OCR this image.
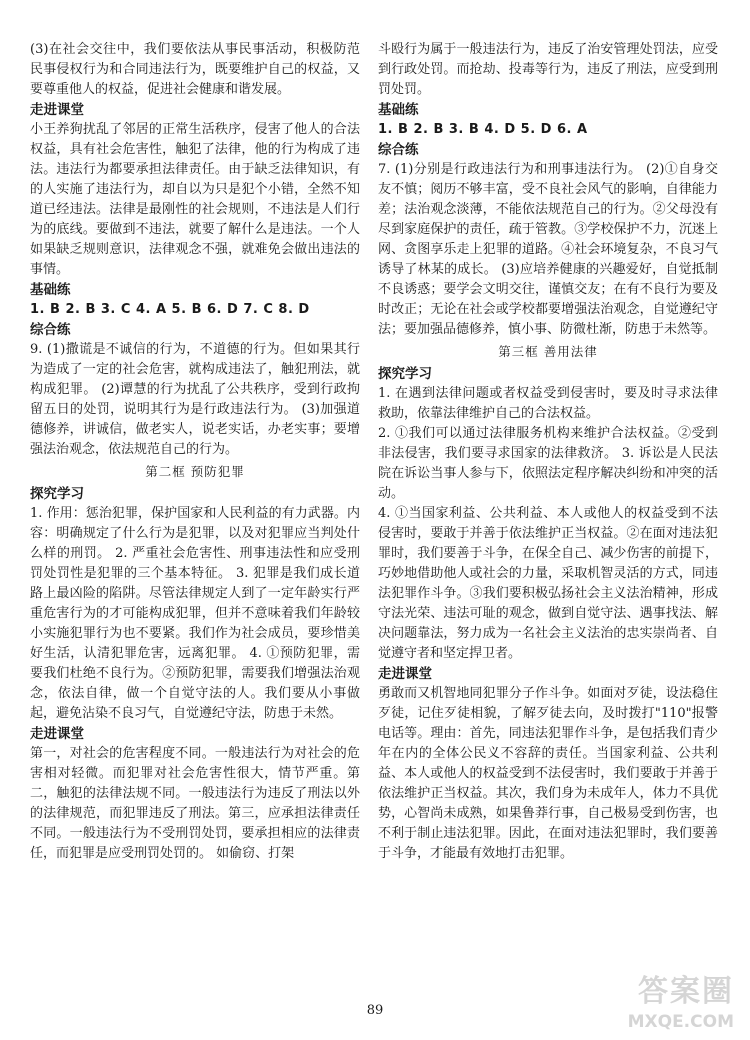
(3)在社会交往中，我们要依法从事民事活动，积极防范民事侵权行为和合同违法行为，既要维护自己的权益，又要尊重他人的权益，促进社会健康和谐发展。

走进课堂

小王养狗扰乱了邻居的正常生活秩序，侵害了他人的合法权益，具有社会危害性，触犯了法律，他的行为构成了违法。违法行为都要承担法律责任。由于缺乏法律知识，有的人实施了违法行为，却自以为只是犯个小错，全然不知道已经违法。法律是最刚性的社会规则，不违法是人们行为的底线。要做到不违法，就要了解什么是违法。一个人如果缺乏规则意识，法律观念不强，就难免会做出违法的事情。

基础练
1. B 2. B 3. C 4. A 5. B 6. D 7. C 8. D
综合练

9. (1)撒谎是不诚信的行为，不道德的行为。但如果其行为造成了一定的社会危害，就构成违法了，触犯刑法，就构成犯罪。 (2)谭慧的行为扰乱了公共秩序，受到行政拘留五日的处罚，说明其行为是行政违法行为。 (3)加强道德修养，讲诚信，做老实人，说老实话，办老实事；要增强法治观念，依法规范自己的行为。

第二框 预防犯罪

探究学习

1. 作用：惩治犯罪，保护国家和人民利益的有力武器。内容：明确规定了什么行为是犯罪，以及对犯罪应当判处什么样的刑罚。 2. 严重社会危害性、刑事违法性和应受刑罚处罚性是犯罪的三个基本特征。 3. 犯罪是我们成长道路上最凶险的陷阱。尽管法律规定人到了一定年龄实行严重危害行为的才可能构成犯罪，但并不意味着我们年龄较小实施犯罪行为也不要紧。我们作为社会成员，要珍惜美好生活，认清犯罪危害，远离犯罪。 4. ①预防犯罪，需要我们杜绝不良行为。②预防犯罪，需要我们增强法治观念，依法自律，做一个自觉守法的人。我们要从小事做起，避免沾染不良习气，自觉遵纪守法，防患于未然。

走进课堂

第一，对社会的危害程度不同。一般违法行为对社会的危害相对轻微。而犯罪对社会危害性很大，情节严重。第二，触犯的法律法规不同。一般违法行为违反了刑法以外的法律规范，而犯罪违反了刑法。第三，应承担法律责任不同。一般违法行为不受刑罚处罚，要承担相应的法律责任，而犯罪是应受刑罚处罚的。 如偷窃、打架

斗殴行为属于一般违法行为，违反了治安管理处罚法，应受到行政处罚。而抢劫、投毒等行为，违反了刑法，应受到刑罚处罚。

基础练
1. B 2. B 3. B 4. D 5. D 6. A
综合练

7. (1)分别是行政违法行为和刑事违法行为。 (2)①自身交友不慎；阅历不够丰富，受不良社会风气的影响，自律能力差；法治观念淡薄，不能依法规范自己的行为。②父母没有尽到家庭保护的责任，疏于管教。③学校保护不力，沉迷上网、贪图享乐走上犯罪的道路。④社会环境复杂，不良习气诱导了林某的成长。 (3)应培养健康的兴趣爱好，自觉抵制不良诱惑；要学会文明交往，谨慎交友；在有不良行为要及时改正；无论在社会或学校都要增强法治观念，自觉遵纪守法；要加强品德修养，慎小事、防微杜渐，防患于未然等。

第三框 善用法律

探究学习

1. 在遇到法律问题或者权益受到侵害时，要及时寻求法律救助，依靠法律维护自己的合法权益。

2. ①我们可以通过法律服务机构来维护合法权益。②受到非法侵害，我们要寻求国家的法律救济。 3. 诉讼是人民法院在诉讼当事人参与下，依照法定程序解决纠纷和冲突的活动。

4. ①当国家利益、公共利益、本人或他人的权益受到不法侵害时，要敢于并善于依法维护正当权益。②在面对违法犯罪时，我们要善于斗争，在保全自己、减少伤害的前提下，巧妙地借助他人或社会的力量，采取机智灵活的方式，同违法犯罪作斗争。③我们要积极弘扬社会主义法治精神，形成守法光荣、违法可耻的观念，做到自觉守法、遇事找法、解决问题靠法，努力成为一名社会主义法治的忠实崇尚者、自觉遵守者和坚定捍卫者。

走进课堂

勇敢而又机智地同犯罪分子作斗争。如面对歹徒，设法稳住歹徒，记住歹徒相貌，了解歹徒去向，及时拨打"110"报警电话等。理由：首先，同违法犯罪作斗争，是包括我们青少年在内的全体公民义不容辞的责任。当国家利益、公共利益、本人或他人的权益受到不法侵害时，我们要敢于并善于依法维护正当权益。其次，我们身为未成年人，体力不具优势，心智尚未成熟，如果鲁莽行事，自己极易受到伤害，也不利于制止违法犯罪。因此，在面对违法犯罪时，我们要善于斗争，才能最有效地打击犯罪。

89
答案圈
MXQE.COM
